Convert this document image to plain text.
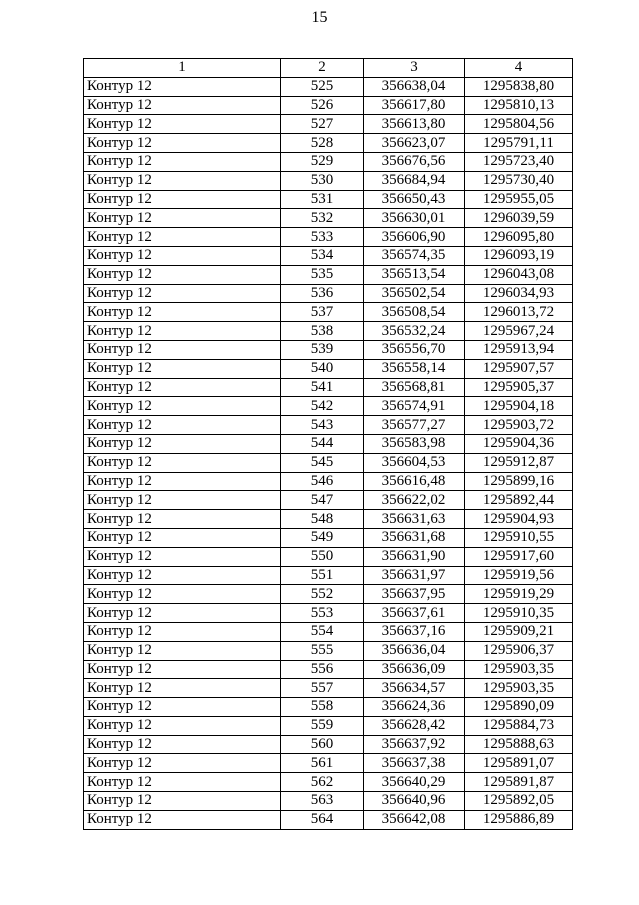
15
1	2	3	4
Контур 12	525	356638,04	1295838,80
Контур 12	526	356617,80	1295810,13
Контур 12	527	356613,80	1295804,56
Контур 12	528	356623,07	1295791,11
Контур 12	529	356676,56	1295723,40
Контур 12	530	356684,94	1295730,40
Контур 12	531	356650,43	1295955,05
Контур 12	532	356630,01	1296039,59
Контур 12	533	356606,90	1296095,80
Контур 12	534	356574,35	1296093,19
Контур 12	535	356513,54	1296043,08
Контур 12	536	356502,54	1296034,93
Контур 12	537	356508,54	1296013,72
Контур 12	538	356532,24	1295967,24
Контур 12	539	356556,70	1295913,94
Контур 12	540	356558,14	1295907,57
Контур 12	541	356568,81	1295905,37
Контур 12	542	356574,91	1295904,18
Контур 12	543	356577,27	1295903,72
Контур 12	544	356583,98	1295904,36
Контур 12	545	356604,53	1295912,87
Контур 12	546	356616,48	1295899,16
Контур 12	547	356622,02	1295892,44
Контур 12	548	356631,63	1295904,93
Контур 12	549	356631,68	1295910,55
Контур 12	550	356631,90	1295917,60
Контур 12	551	356631,97	1295919,56
Контур 12	552	356637,95	1295919,29
Контур 12	553	356637,61	1295910,35
Контур 12	554	356637,16	1295909,21
Контур 12	555	356636,04	1295906,37
Контур 12	556	356636,09	1295903,35
Контур 12	557	356634,57	1295903,35
Контур 12	558	356624,36	1295890,09
Контур 12	559	356628,42	1295884,73
Контур 12	560	356637,92	1295888,63
Контур 12	561	356637,38	1295891,07
Контур 12	562	356640,29	1295891,87
Контур 12	563	356640,96	1295892,05
Контур 12	564	356642,08	1295886,89
